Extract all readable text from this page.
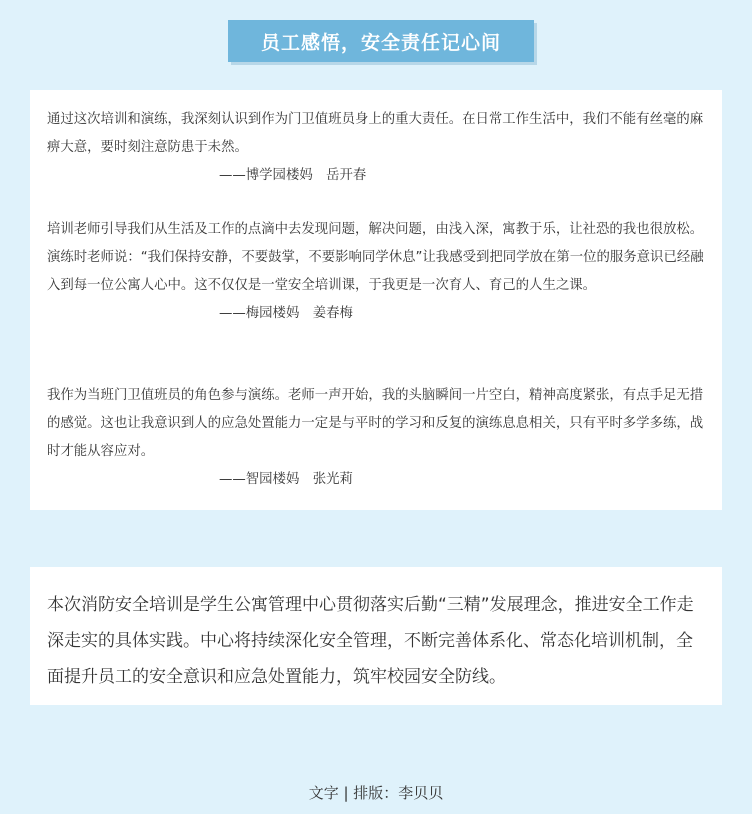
员工感悟，安全责任记心间

通过这次培训和演练，我深刻认识到作为门卫值班员身上的重大责任。在日常工作生活中，我们不能有丝毫的麻痹大意，要时刻注意防患于未然。

——博学园楼妈　岳开春

培训老师引导我们从生活及工作的点滴中去发现问题，解决问题，由浅入深，寓教于乐，让社恐的我也很放松。演练时老师说：“我们保持安静，不要鼓掌，不要影响同学休息”让我感受到把同学放在第一位的服务意识已经融入到每一位公寓人心中。这不仅仅是一堂安全培训课，于我更是一次育人、育己的人生之课。

——梅园楼妈　姜春梅

我作为当班门卫值班员的角色参与演练。老师一声开始，我的头脑瞬间一片空白，精神高度紧张，有点手足无措的感觉。这也让我意识到人的应急处置能力一定是与平时的学习和反复的演练息息相关，只有平时多学多练，战时才能从容应对。

——智园楼妈　张光莉

本次消防安全培训是学生公寓管理中心贯彻落实后勤“三精”发展理念，推进安全工作走深走实的具体实践。中心将持续深化安全管理，不断完善体系化、常态化培训机制，全面提升员工的安全意识和应急处置能力，筑牢校园安全防线。

文字 | 排版：李贝贝
